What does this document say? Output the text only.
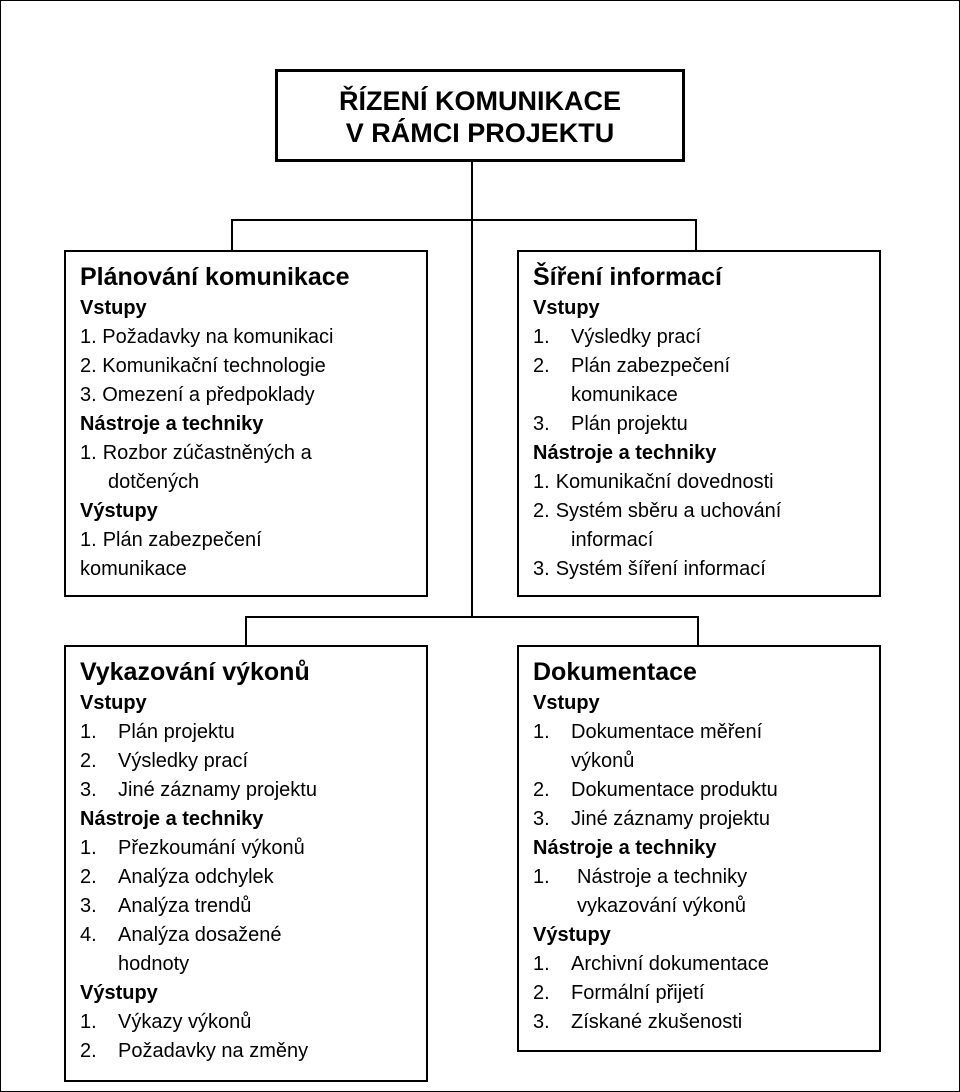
ŘÍZENÍ KOMUNIKACE
V RÁMCI PROJEKTU
Plánování komunikace
Vstupy
1. Požadavky na komunikaci
2. Komunikační technologie
3. Omezení a předpoklady
Nástroje a techniky
1. Rozbor zúčastněných a
dotčených
Výstupy
1. Plán zabezpečení
komunikace
Šíření informací
Vstupy
1. Výsledky prací
2. Plán zabezpečení
komunikace
3. Plán projektu
Nástroje a techniky
1. Komunikační dovednosti
2. Systém sběru a uchování
informací
3. Systém šíření informací
Vykazování výkonů
Vstupy
1. Plán projektu
2. Výsledky prací
3. Jiné záznamy projektu
Nástroje a techniky
1. Přezkoumání výkonů
2. Analýza odchylek
3. Analýza trendů
4. Analýza dosažené
hodnoty
Výstupy
1. Výkazy výkonů
2. Požadavky na změny
Dokumentace
Vstupy
1. Dokumentace měření
výkonů
2. Dokumentace produktu
3. Jiné záznamy projektu
Nástroje a techniky
1. Nástroje a techniky
vykazování výkonů
Výstupy
1. Archivní dokumentace
2. Formální přijetí
3. Získané zkušenosti
